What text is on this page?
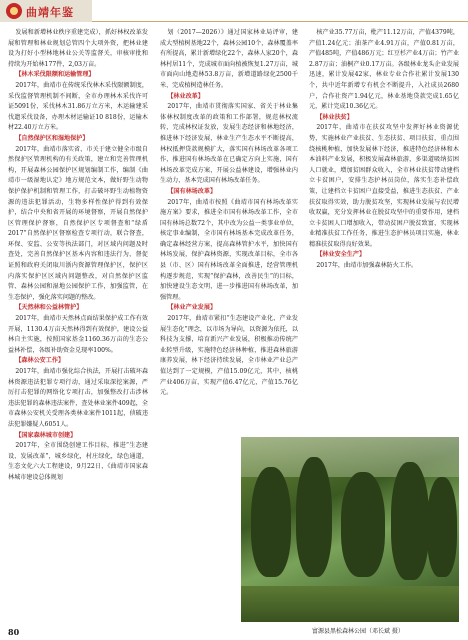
曲靖年鉴

发展和新增林业秩序重建完成），抓好林权改革发展和管理和林业规划总管四个大项外资，把林业建设为打好小型林地林业公关等监督关，审核审批和持续为开始林177件，2,03万亩。

【林木采伐限额和运输管理】

2017年，曲靖市在传统采伐林木采伐限额制度，采伐监督管理机制不间断，全市办理林木采伐许可证5091份，采伐林木31.86万立方米，木运输建采伐遗采伐设备，办理木材运输证10 818份，运输木材22.40万立方米。

【自然保护区和湿地保护】

2017年，曲靖市落实省、市关于建立健全市级自然保护区管理机构的有关政策，建立和完善管理机构，开展森林公园保护区规划编制工作，编制《曲靖市一级湿地认定》地方规范文本，做好野生动物保护保护机制和管理工作，打击破坏野生动植物资源的违法犯罪活动，生物多样性保护得到有效保护，结合中央和省开展的环境督察，开展自然保护区管理保护督察，自然保护区专项督查和“绿盾2017”自然保护区督察检查专项行动，联合督查，环保、安监、公安等执法部门，对区域内问题及时查处，完善自然保护区基本内容和违法行为，督促证照和政府关闭取川浙内资源管理保护区，保护区内落实保护区区域内问题整改，对自然保护区监管、森林公园和湿地公园保护工作，加强监管，在生态保护，强化落实问题的整改。

【天然林和公益林管护】

2017年，曲靖市天然林点面结果保护成工作有效开展，1130.4万亩天然林得到有效保护，建设公益林自主实施，按照国家基金1160.36万亩的生态公益林补偿，各级补助资金兑现率100%。

【森林公安工作】

2017年，曲靖市强化综合执法，开展打击破坏森林资源违法犯罪专项行动，通过采取深挖案源，严厉打击犯罪的网络化专项打击，加强整改打击涉林违法犯罪的森林违法案件，查处林业案件409起，全市森林公安机关受理各类林业案件1011起，侦破违法犯罪嫌疑人6051人。

【国家森林城市创建】

2017年，全市围绕创建工作目标，推进“生态建设、发展改革”，城乡绿化，村庄绿化，绿色通道，生态文化六大工程建设，9月22日，《曲靖市国家森林城市建设总体规划

划（2017—2026）》通过国家林业局评审，建成大型植树基地22个，森林公园10个，森林覆盖率有所提高，累计新增绿化22个，森林人家20个，森林村居11个，完成城市面向植被恢复1.27万亩，城市面向山地造林53.8万亩，新增道路绿化2500千米，完成植树造林任务。

【林业改革】

2017年，曲靖市贯彻落实国家、省关于林业集体林权制度改革的政策和工作部署，规范林权流转，完成林权证发放，发展生态经济和林地经济，推进林下经济发展，林业生产生态水平不断提高，林权抵押贷款规模扩大，落实国有林场改革各项工作，推进国有林场改革在已确定方向上实施，国有林场改革完成方案，开展公益林建设，增强林业内生动力，基本完成国有林场改革任务。

【国有林场改革】

2017年，曲靖市按照《曲靖市国有林场改革实施方案》要求，推进全市国有林场改革工作，全市国有林场总数72个，其中改为公益一类事业单位，核定事业编制，全市国有林场基本完成改革任务，确定森林经营方案，提高森林管护水平，加快国有林场发展，保护森林资源，实现改革目标，全市各县（市、区）国有林场改革全面推进，经营管理机构逐步规范，实现“保护森林，改善民生”的目标，加快建设生态文明，进一步推进国有林场改革，加强管理。

【林业产业发展】

2017年，曲靖市紧扣“生态建设产业化、产业发展生态化”理念，以市场为导向，以资源为依托，以科技为支撑，培育新兴产业发展，积极推动传统产业转型升级，实施特色经济林种植，推进森林旅游康养发展，林下经济持续发展，全市林业产业总产值达到了一定规模，产值15.09亿元，其中，核桃产业406万亩，实现产值6.47亿元，产值15.76亿元。

核产业35.77万亩，枇产11.12万亩，产值4379吨，产值1.24亿元；油茶产业4.91万亩，产值0.81万亩，产值485吨，产值486万元；红豆杉产业4万亩；竹产业2.87万亩；油桐产业0.17万亩。各级林业龙头企业发展迅速，累计发展42家，林业专业合作社累计发展130个，共中近年新增专有机会不断提升，入社成员2680户，合作社资产1.94亿元，林业基地贷款完成1.65亿元，累计完成10.36亿元。

【林业扶贫】

2017年，曲靖市在扶贫攻坚中发挥好林业资源优势，实施林业产业扶贫、生态扶贫、项目扶贫，重点围绕核桃种植，加快发展林下经济，推进特色经济林和木本油料产业发展，积极发展森林旅游，多渠道吸纳贫困人口就业，增加贫困群众收入，全市林业扶贫带动建档立卡贫困户，安排生态护林员岗位，落实生态补偿政策，让建档立卡贫困户直接受益，推进生态扶贫、产业扶贫取得实效，助力脱贫攻坚，实现林业发展与农民增收双赢，充分发挥林业在脱贫攻坚中的重要作用，建档立卡贫困人口增加收入，带动贫困户脱贫致富，实现林业精准扶贫工作任务，推进生态护林员项目实施，林业精准扶贫取得良好效果。

【林业安全生产】

2017年，曲靖市加强森林防火工作。

富源县黑松森林公园（邓长斌 摄）
80
